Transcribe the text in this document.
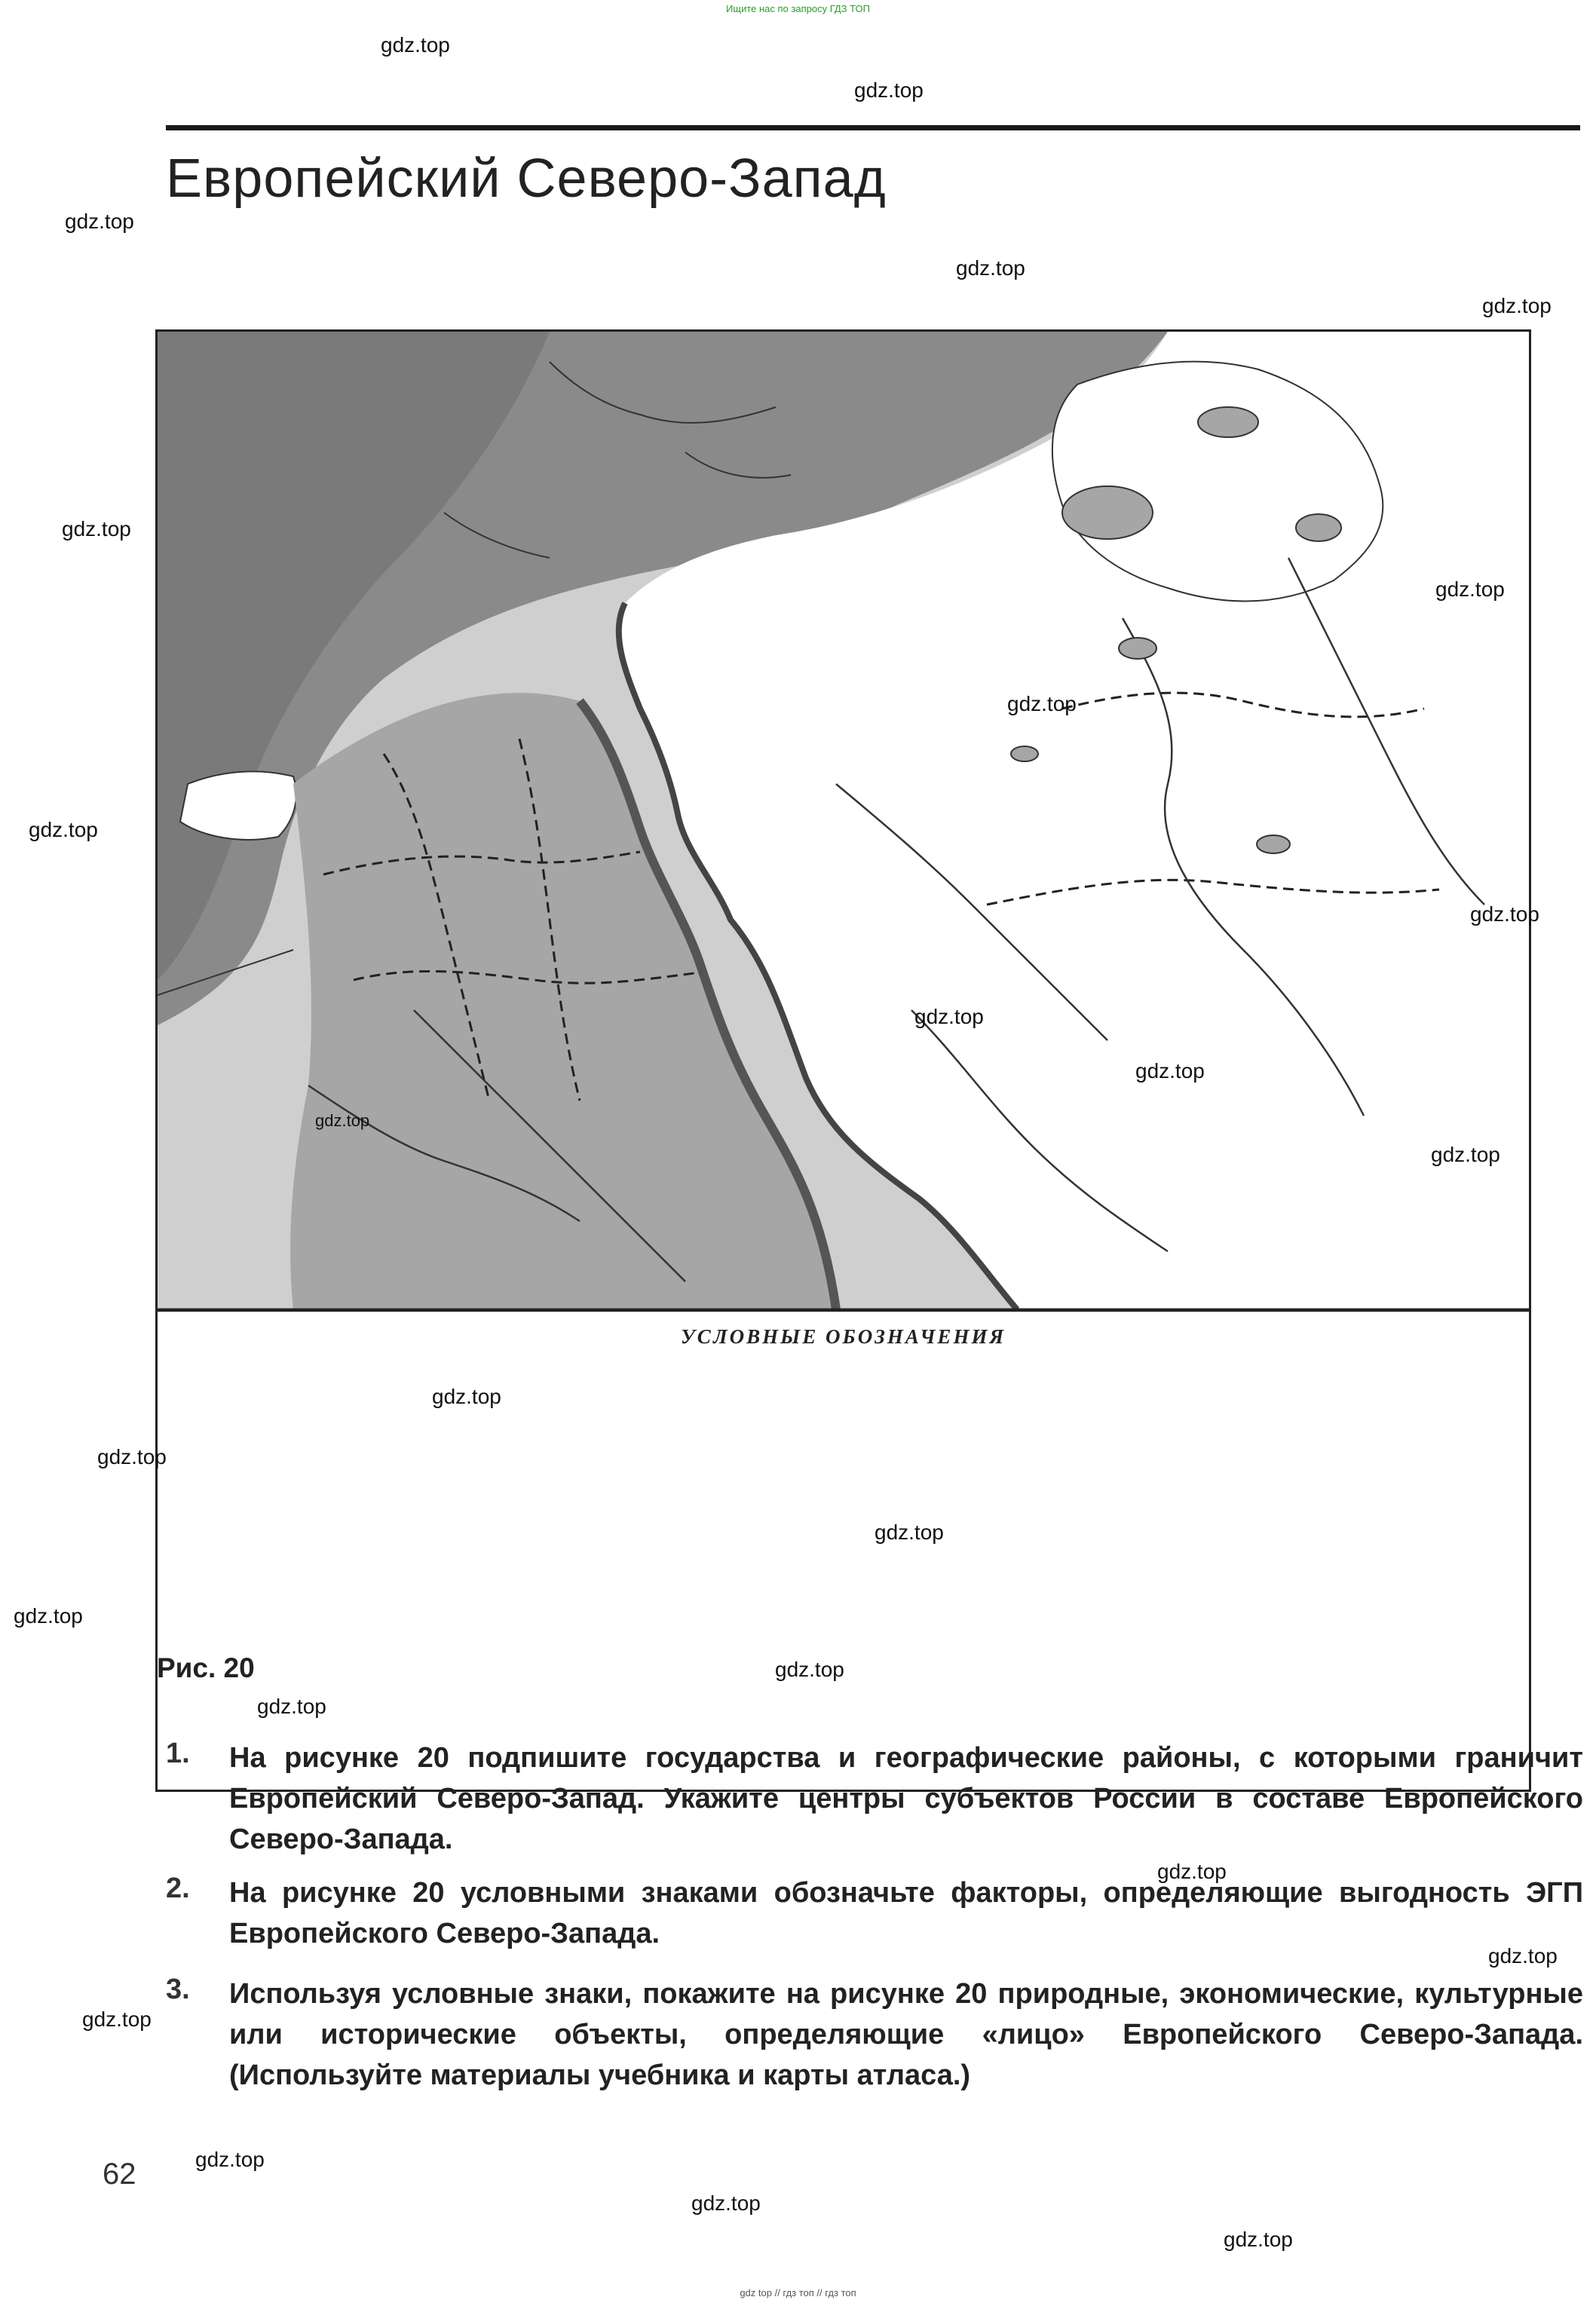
Ищите нас по запросу ГДЗ ТОП
Европейский Северо-Запад
УСЛОВНЫЕ ОБОЗНАЧЕНИЯ
Рис. 20
1. На рисунке 20 подпишите государства и географические районы, с которыми граничит Европейский Северо-Запад. Укажите центры субъектов России в составе Европейского Северо-Запада.
2. На рисунке 20 условными знаками обозначьте факторы, определяющие выгодность ЭГП Европейского Северо-Запада.
3. Используя условные знаки, покажите на рисунке 20 природные, экономические, культурные или исторические объекты, определяющие «лицо» Европейского Северо-Запада. (Используйте материалы учебника и карты атласа.)
62
gdz.top
gdz.top
gdz.top
gdz.top
gdz.top
gdz.top
gdz.top
gdz.top
gdz.top
gdz.top
gdz.top
gdz.top
gdz.top
gdz.top
gdz.top
gdz.top
gdz.top
gdz.top
gdz.top
gdz.top
gdz.top
gdz.top
gdz.top
gdz.top
gdz.top
gdz.top
gdz top // гдз топ // гдз топ
